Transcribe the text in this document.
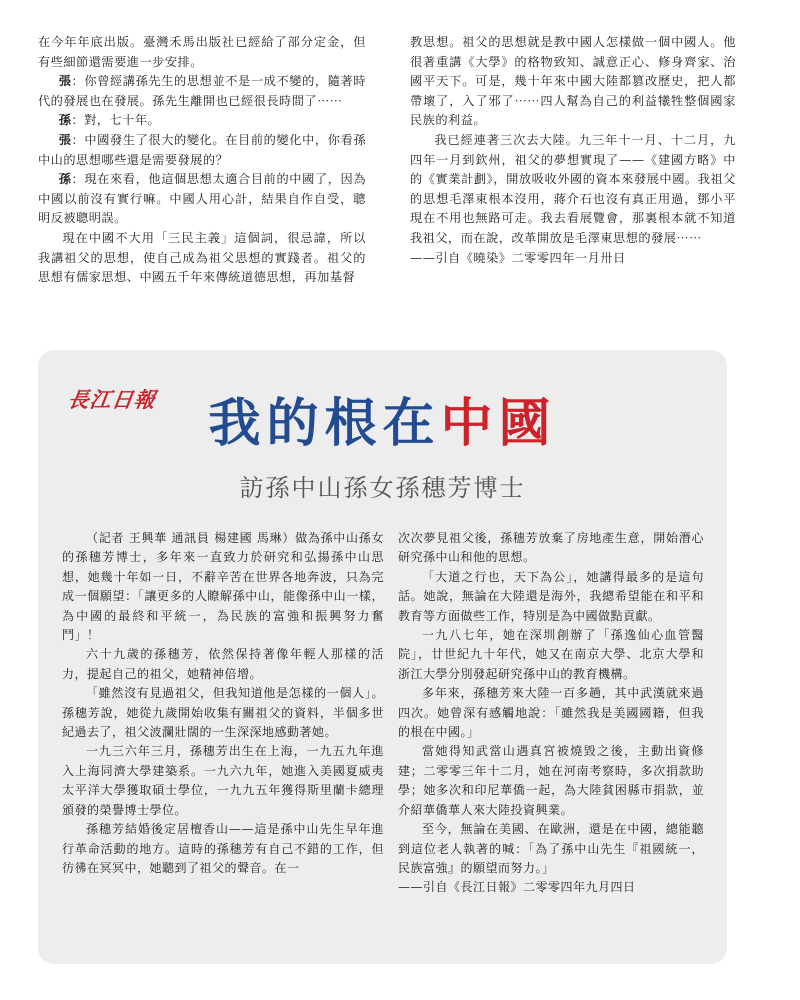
在今年年底出版。臺灣禾馬出版社已經給了部分定金，但有些細節還需要進一步安排。

張：你曾經講孫先生的思想並不是一成不變的，隨著時代的發展也在發展。孫先生離開也已經很長時間了⋯⋯

孫：對，七十年。

張：中國發生了很大的變化。在目前的變化中，你看孫中山的思想哪些還是需要發展的？

孫：現在來看，他這個思想太適合目前的中國了，因為中國以前沒有實行嘛。中國人用心計，結果自作自受，聰明反被聰明誤。

現在中國不大用「三民主義」這個詞，很忌諱，所以我講祖父的思想，使自己成為祖父思想的實踐者。祖父的思想有儒家思想、中國五千年來傳統道德思想，再加基督

教思想。祖父的思想就是教中國人怎樣做一個中國人。他很著重講《大學》的格物致知、誠意正心、修身齊家、治國平天下。可是，幾十年來中國大陸都篡改歷史，把人都帶壞了，入了邪了⋯⋯四人幫為自己的利益犧牲整個國家民族的利益。

我已經連著三次去大陸。九三年十一月、十二月，九四年一月到欽州，祖父的夢想實現了——《建國方略》中的《實業計劃》，開放吸收外國的資本來發展中國。我祖父的思想毛澤東根本沒用，蔣介石也沒有真正用過，鄧小平現在不用也無路可走。我去看展覽會，那裏根本就不知道我祖父，而在說，改革開放是毛澤東思想的發展⋯⋯

——引自《曉染》二零零四年一月卅日

長江日報 我的根在中國
訪孫中山孫女孫穗芳博士

（記者 王興華 通訊員 楊建國 馬琳）做為孫中山孫女的孫穗芳博士，多年來一直致力於研究和弘揚孫中山思想，她幾十年如一日，不辭辛苦在世界各地奔波，只為完成一個願望：「讓更多的人瞭解孫中山，能像孫中山一樣，為中國的最終和平統一，為民族的富強和振興努力奮鬥」！

六十九歲的孫穗芳，依然保持著像年輕人那樣的活力，提起自己的祖父，她精神倍增。

「雖然沒有見過祖父，但我知道他是怎樣的一個人」。孫穗芳說，她從九歲開始收集有關祖父的資料，半個多世紀過去了，祖父波瀾壯闊的一生深深地感動著她。

一九三六年三月，孫穗芳出生在上海，一九五九年進入上海同濟大學建築系。一九六九年，她進入美國夏威夷太平洋大學獲取碩士學位，一九九五年獲得斯里蘭卡總理頒發的榮譽博士學位。

孫穗芳結婚後定居檀香山——這是孫中山先生早年進行革命活動的地方。這時的孫穗芳有自己不錯的工作，但彷彿在冥冥中，她聽到了祖父的聲音。在一

次次夢見祖父後，孫穗芳放棄了房地產生意，開始潛心研究孫中山和他的思想。

「大道之行也，天下為公」，她講得最多的是這句話。她說，無論在大陸還是海外，我總希望能在和平和教育等方面做些工作，特別是為中國做點貢獻。

一九八七年，她在深圳創辦了「孫逸仙心血管醫院」，廿世紀九十年代，她又在南京大學、北京大學和浙江大學分別發起研究孫中山的教育機構。

多年來，孫穗芳來大陸一百多趟，其中武漢就來過四次。她曾深有感觸地說：「雖然我是美國國籍，但我的根在中國。」

當她得知武當山遇真宮被燒毀之後，主動出資修建；二零零三年十二月，她在河南考察時，多次捐款助學；她多次和印尼華僑一起，為大陸貧困縣市捐款，並介紹華僑華人來大陸投資興業。

至今，無論在美國、在歐洲，還是在中國，總能聽到這位老人執著的喊：「為了孫中山先生『祖國統一，民族富強』的願望而努力。」

——引自《長江日報》二零零四年九月四日
